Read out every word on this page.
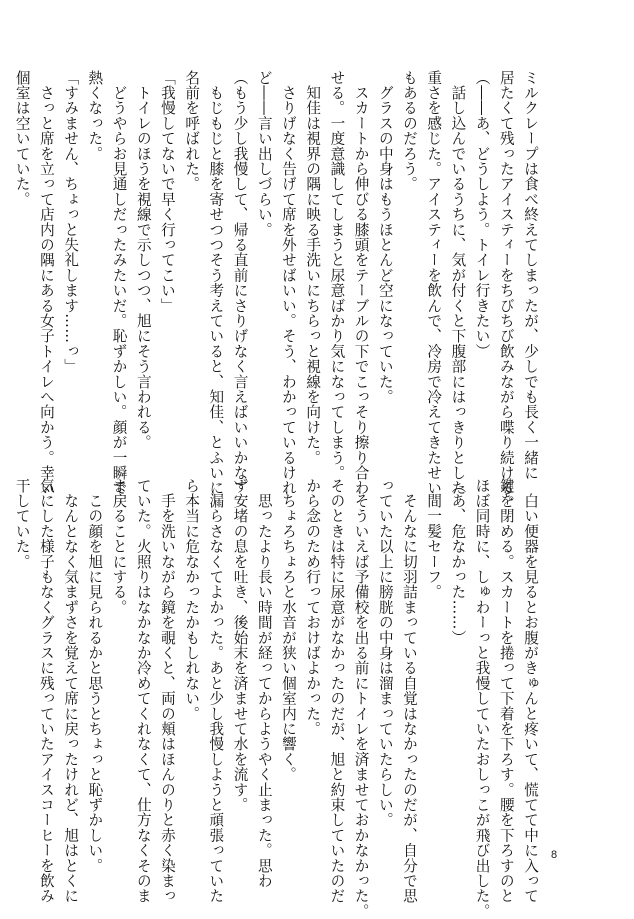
ミルクレープは食べ終えてしまったが、少しでも長く一緒に
居たくて残ったアイスティーをちびちび飲みながら喋り続ける。
（――あ、どうしよう。トイレ行きたい）
　話し込んでいるうちに、気が付くと下腹部にはっきりとした
重さを感じた。アイスティーを飲んで、冷房で冷えてきたせい
もあるのだろう。
　グラスの中身はもうほとんど空になっていた。
　スカートから伸びる膝頭をテーブルの下でこっそり擦り合わ
せる。一度意識してしまうと尿意ばかり気になってしまう。
　知佳は視界の隅に映る手洗いにちらっと視線を向けた。
　さりげなく告げて席を外せばいい。そう、わかっているけれ
ど――言い出しづらい。
（もう少し我慢して、帰る直前にさりげなく言えばいいかな）
　もじもじと膝を寄せつつそう考えていると、知佳、とふいに
名前を呼ばれた。
「我慢してないで早く行ってこい」
　トイレのほうを視線で示しつつ、旭にそう言われる。
　どうやらお見通しだったみたいだ。恥ずかしい。顔が一瞬で
熱くなった。
「すみません、ちょっと失礼します……っ」
　さっと席を立って店内の隅にある女子トイレへ向かう。幸い
個室は空いていた。
　白い便器を見るとお腹がきゅんと疼いて、慌てて中に入って
鍵を閉める。スカートを捲って下着を下ろす。腰を下ろすのと
ほぼ同時に、しゅわーっと我慢していたおしっこが飛び出した。
（あ、危なかった……）
　間一髪セーフ。
　そんなに切羽詰まっている自覚はなかったのだが、自分で思
っていた以上に膀胱の中身は溜まっていたらしい。
　そういえば予備校を出る前にトイレを済ませておかなかった。
そのときは特に尿意がなかったのだが、旭と約束していたのだ
から念のため行っておけばよかった。
　ちょろちょろと水音が狭い個室内に響く。
　思ったより長い時間が経ってからようやく止まった。思わ
ず安堵の息を吐き、後始末を済ませて水を流す。
　漏らさなくてよかった。あと少し我慢しようと頑張っていた
ら本当に危なかったかもしれない。
　手を洗いながら鏡を覗くと、両の頬はほんのりと赤く染まっ
ていた。火照りはなかなか冷めてくれなくて、仕方なくそのま
ま戻ることにする。
　この顔を旭に見られるかと思うとちょっと恥ずかしい。
　なんとなく気まずさを覚えて席に戻ったけれど、旭はとくに
気にした様子もなくグラスに残っていたアイスコーヒーを飲み
干していた。
8
